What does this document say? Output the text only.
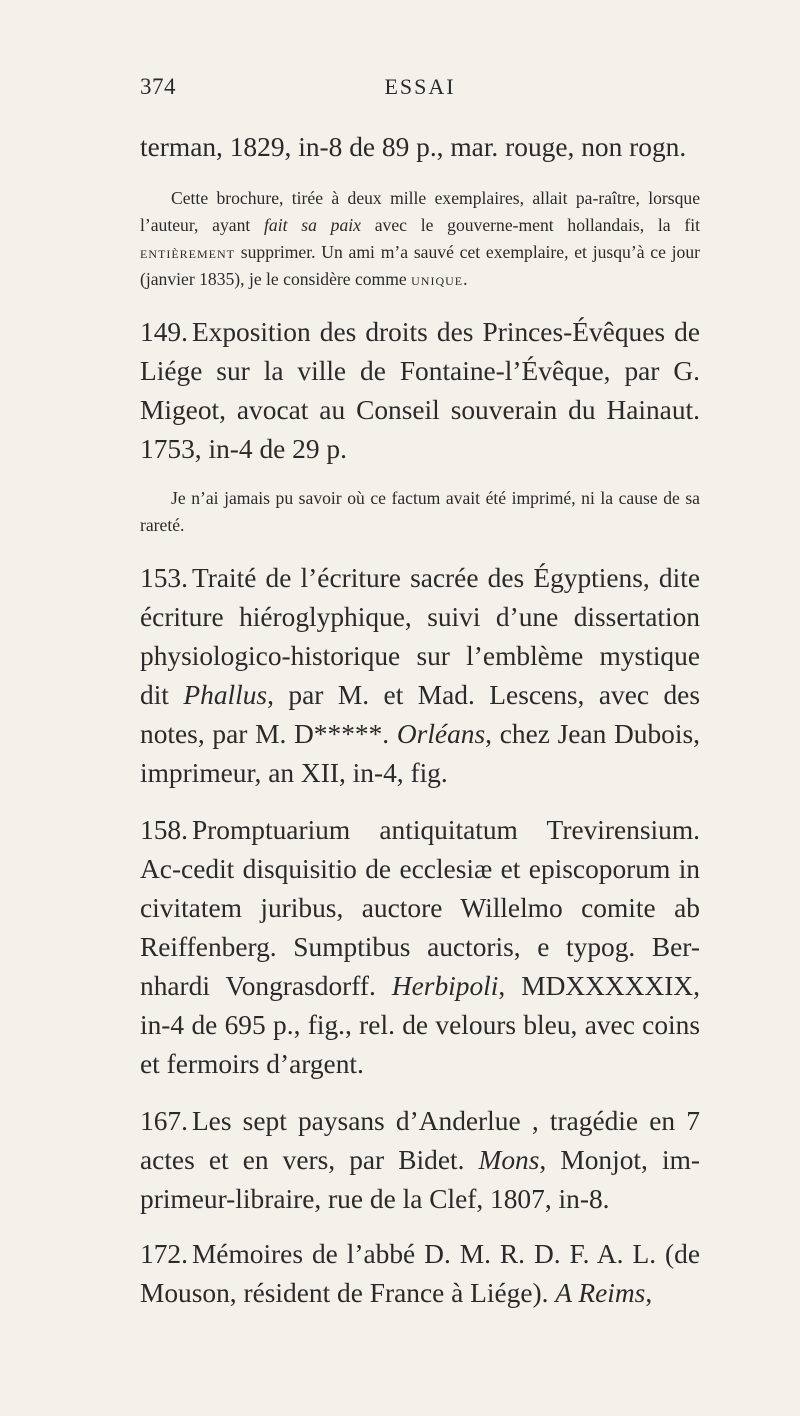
374	ESSAI

terman, 1829, in-8 de 89 p., mar. rouge, non rogn.

Cette brochure, tirée à deux mille exemplaires, allait pa-raître, lorsque l’auteur, ayant fait sa paix avec le gouverne-ment hollandais, la fit entièrement supprimer. Un ami m’a sauvé cet exemplaire, et jusqu’à ce jour (janvier 1835), je le considère comme unique.

149. Exposition des droits des Princes-Évêques de Liége sur la ville de Fontaine-l’Évêque, par G. Migeot, avocat au Conseil souverain du Hainaut. 1753, in-4 de 29 p.

Je n’ai jamais pu savoir où ce factum avait été imprimé, ni la cause de sa rareté.

153. Traité de l’écriture sacrée des Égyptiens, dite écriture hiéroglyphique, suivi d’une dissertation physiologico-historique sur l’emblème mystique dit Phallus, par M. et Mad. Lescens, avec des notes, par M. D*****. Orléans, chez Jean Dubois, imprimeur, an XII, in-4, fig.

158. Promptuarium antiquitatum Trevirensium. Ac-cedit disquisitio de ecclesiæ et episcoporum in civitatem juribus, auctore Willelmo comite ab Reiffenberg. Sumptibus auctoris, e typog. Ber-nhardi Vongrasdorff. Herbipoli, MDXXXXXIX, in-4 de 695 p., fig., rel. de velours bleu, avec coins et fermoirs d’argent.

167. Les sept paysans d’Anderlue , tragédie en 7 actes et en vers, par Bidet. Mons, Monjot, im-primeur-libraire, rue de la Clef, 1807, in-8.

172. Mémoires de l’abbé D. M. R. D. F. A. L. (de Mouson, résident de France à Liége). A Reims,
